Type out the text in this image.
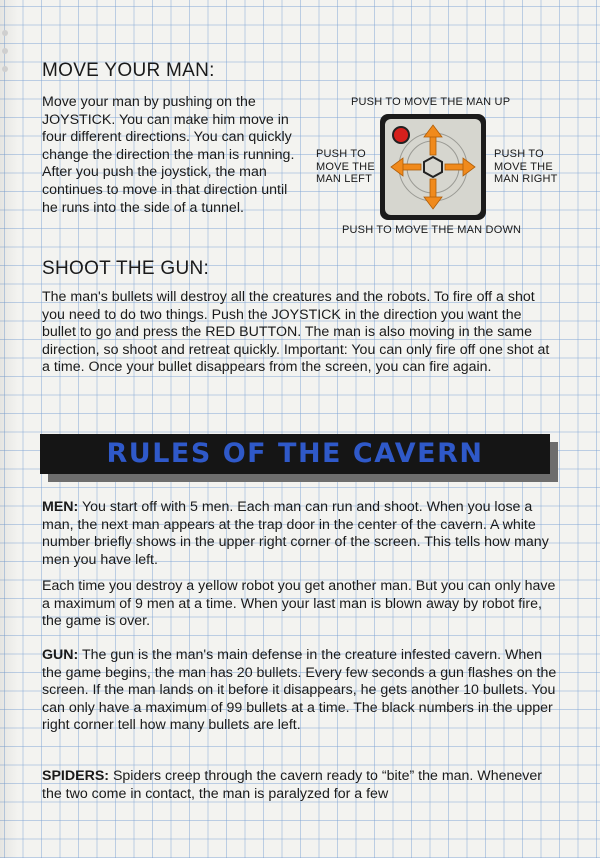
MOVE YOUR MAN:

Move your man by pushing on the JOYSTICK. You can make him move in four different directions. You can quickly change the direction the man is running. After you push the joystick, the man continues to move in that direction until he runs into the side of a tunnel.

PUSH TO MOVE THE MAN UP
PUSH TO
MOVE THE
MAN LEFT
PUSH TO
MOVE THE
MAN RIGHT
PUSH TO MOVE THE MAN DOWN
SHOOT THE GUN:

The man's bullets will destroy all the creatures and the robots. To fire off a shot you need to do two things. Push the JOYSTICK in the direction you want the bullet to go and press the RED BUTTON. The man is also moving in the same direction, so shoot and retreat quickly. Important: You can only fire off one shot at a time. Once your bullet disappears from the screen, you can fire again.

RULES OF THE CAVERN

MEN: You start off with 5 men. Each man can run and shoot. When you lose a man, the next man appears at the trap door in the center of the cavern. A white number briefly shows in the upper right corner of the screen. This tells how many men you have left.

Each time you destroy a yellow robot you get another man. But you can only have a maximum of 9 men at a time. When your last man is blown away by robot fire, the game is over.

GUN: The gun is the man's main defense in the creature infested cavern. When the game begins, the man has 20 bullets. Every few seconds a gun flashes on the screen. If the man lands on it before it disappears, he gets another 10 bullets. You can only have a maximum of 99 bullets at a time. The black numbers in the upper right corner tell how many bullets are left.

SPIDERS: Spiders creep through the cavern ready to “bite” the man. Whenever the two come in contact, the man is paralyzed for a few
